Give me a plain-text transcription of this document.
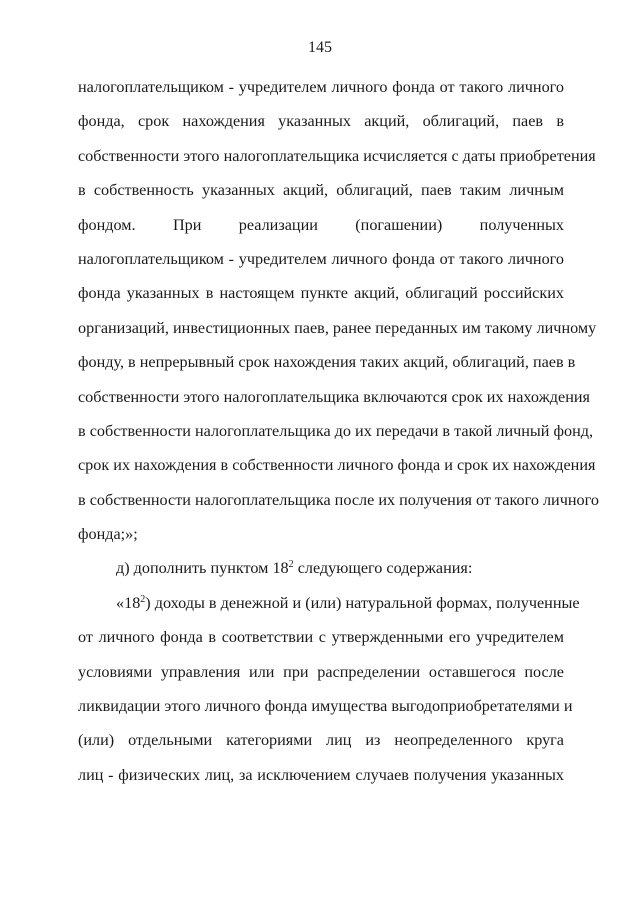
145
налогоплательщиком - учредителем личного фонда от такого личного
фонда, срок нахождения указанных акций, облигаций, паев в
собственности этого налогоплательщика исчисляется с даты приобретения
в собственность указанных акций, облигаций, паев таким личным
фондом. При реализации (погашении) полученных
налогоплательщиком - учредителем личного фонда от такого личного
фонда указанных в настоящем пункте акций, облигаций российских
организаций, инвестиционных паев, ранее переданных им такому личному
фонду, в непрерывный срок нахождения таких акций, облигаций, паев в
собственности этого налогоплательщика включаются срок их нахождения
в собственности налогоплательщика до их передачи в такой личный фонд,
срок их нахождения в собственности личного фонда и срок их нахождения
в собственности налогоплательщика после их получения от такого личного
фонда;»;
д) дополнить пунктом $18^2$ следующего содержания:
«$18^2$) доходы в денежной и (или) натуральной формах, полученные
от личного фонда в соответствии с утвержденными его учредителем
условиями управления или при распределении оставшегося после
ликвидации этого личного фонда имущества выгодоприобретателями и
(или) отдельными категориями лиц из неопределенного круга
лиц - физических лиц, за исключением случаев получения указанных
